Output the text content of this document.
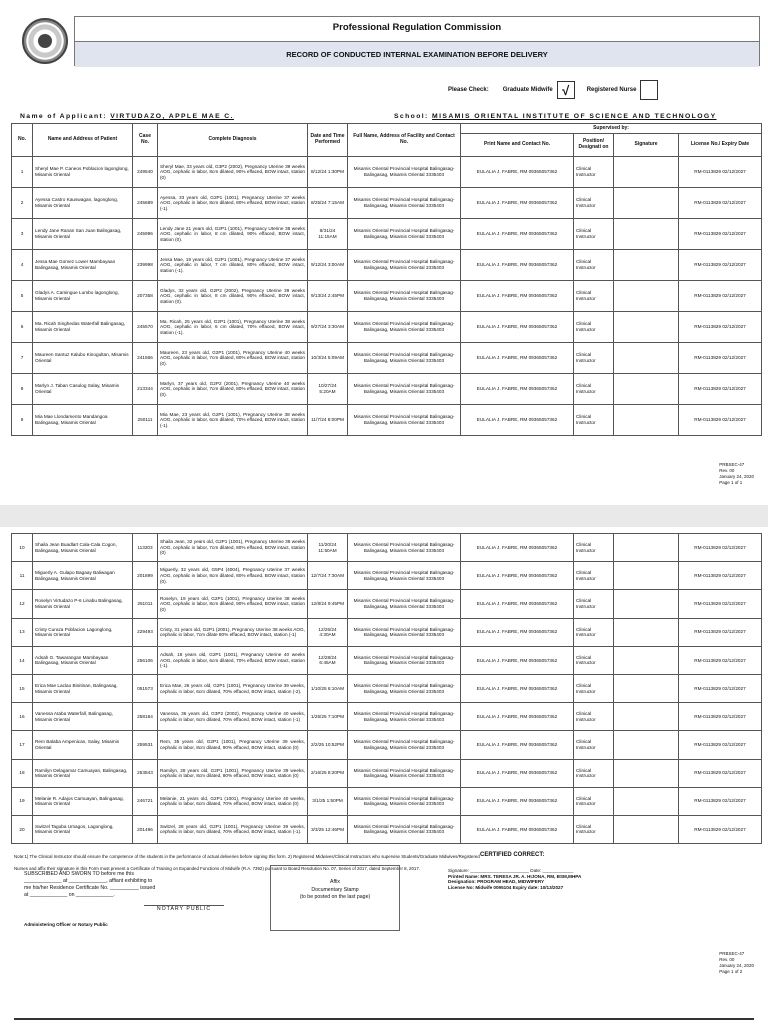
Professional Regulation Commission
RECORD OF CONDUCTED INTERNAL EXAMINATION BEFORE DELIVERY
Please Check: Graduate Midwife √	Registered Nurse
Name of Applicant: VIRTUDAZO, APPLE MAE C.	School: MISAMIS ORIENTAL INSTITUTE OF SCIENCE AND TECHNOLOGY
No.	Name and Address of Patient	Case No.	Complete Diagnosis	Date and Time Performed	Full Name, Address of Facility and Contact No.	Supervised by:			
						Print Name and Contact No.	Position/ Designati on	Signature	License No./ Expiry Date
1	Sheryl Mae P. Caneos Poblacion lagonglong, Misamis Oriental	249540	Sheryl Mae, 33 years old, G3P2 (2002), Pregnancy Uterine 39 weeks AOG, cephalic in labor, 8cm dilated, 90% effaced, BOW intact, station (0)	8/12/24 1:30PM	Misamis Oriental Provincial Hospital Balingasag- Balingasag, Misamis Oriental 3335403	EULALIA J. FABRE, RM 09365057362	Clinical Instructor		RM-0113829 02/12/2027
2	Ayessa Castro Kauswagan, lagonglong, Misamis Oriental	245689	Ayessa, 33 years old, G2P1 (1001), Pregnancy Uterine 37 weeks AOG, cephalic in labor, 8cm dilated, 80% effaced, BOW intact, station (-1).	8/25/24 7:15AM	Misamis Oriental Provincial Hospital Balingasag- Balingasag, Misamis Oriental 3335403	EULALIA J. FABRE, RM 09365057362	Clinical Instructor		RM-0113829 02/12/2027
3	Lendy Jane Ranan San Juan Balingasag, Misamis Oriental	245996	Lendy Jane 21 years old, G2P1 (1001), Pregnancy Uterine 38 weeks AOG, cephalic in labor, 8 cm dilated, 90% effaced, BOW intact, station (0).	8/31/24 11:15AM	Misamis Oriental Provincial Hospital Balingasag- Balingasag, Misamis Oriental 3335403	EULALIA J. FABRE, RM 09365057362	Clinical Instructor		RM-0113829 02/12/2027
4	Jessa Mae Gomez Lower Mambayaan Balingasag, Misamis Oriental	239998	Jessa Mae, 19 years old, G2P1 (1001), Pregnancy Uterine 37 weeks AOG, cephalic in labor, 7 cm dilated, 80% effaced, BOW intact, station (-1).	9/12/24 3:00AM	Misamis Oriental Provincial Hospital Balingasag- Balingasag, Misamis Oriental 3335403	EULALIA J. FABRE, RM 09365057362	Clinical Instructor		RM-0113829 02/12/2027
5	Gladys A. Camingue Lumbo lagonglong, Misamis Oriental	207358	Gladys, 32 years old, G2P2 (2002), Pregnancy Uterine 39 weeks AOG, cephalic in labor, 8 cm dilated, 90% effaced, BOW intact, station (0).	9/13/24 2:45PM	Misamis Oriental Provincial Hospital Balingasag- Balingasag, Misamis Oriental 3335403	EULALIA J. FABRE, RM 09365057362	Clinical Instructor		RM-0113829 02/12/2027
6	Ma. Ricah Singhedas Waterfall Balingasag, Misamis Oriental	245570	Ma. Ricah, 25 years old, G2P1 (1001), Pregnancy Uterine 38 weeks AOG, cephalic in labor, 6 cm dilated, 70% effaced, BOW intact, station (-1).	9/27/24 3:30AM	Misamis Oriental Provincial Hospital Balingasag- Balingasag, Misamis Oriental 3335403	EULALIA J. FABRE, RM 09365057362	Clinical Instructor		RM-0113829 02/12/2027
7	Maureen Santuz Kalubo Kinogultan, Misamis Oriental	241566	Maureen, 23 years old, G2P1 (1001), Pregnancy Uterine 40 weeks AOG, cephalic in labor, 7cm dilated, 80% effaced, BOW intact, station (0).	10/3/24 5:09AM	Misamis Oriental Provincial Hospital Balingasag- Balingasag, Misamis Oriental 3335403	EULALIA J. FABRE, RM 09365057362	Clinical Instructor		RM-0113829 02/12/2027
8	Marlyn J. Taban Casulog Salay, Misamis Oriental	213344	Marlyn, 37 years old, G2P2 (2001), Pregnancy Uterine 40 weeks AOG, cephalic in labor, 7cm dilated, 80% effaced, BOW intact, station (0).	10/27/24 5:20AM	Misamis Oriental Provincial Hospital Balingasag- Balingasag, Misamis Oriental 3335403	EULALIA J. FABRE, RM 09365057362	Clinical Instructor		RM-0113829 02/12/2027
9	Mia Mae Llondamento Mandangoa Balingasag, Misamis Oriental	250111	Mia Mae, 23 years old, G2P1 (1001), Pregnancy Uterine 38 weeks AOG, cephalic in labor, 6cm dilated, 70% effaced, BOW intact, station (-1).	11/7/24 8:00PM	Misamis Oriental Provincial Hospital Balingasag- Balingasag, Misamis Oriental 3335403	EULALIA J. FABRE, RM 09365057362	Clinical Instructor		RM-0113829 02/12/2027
PRBSEC-47
Rev. 00
January 24, 2020
Page 1 of 1
10	Shaila Jean Buadlart Cala-Cala Cogon, Balingasag, Misamis Oriental	113203	Shaila Jean, 32 years old, G2P1 (1001), Pregnancy Uterine 38 weeks AOG, cephalic in labor, 7cm dilated, 80% effaced, BOW intact, station (0)	11/20/24 11:50AM	Misamis Oriental Provincial Hospital Balingasag- Balingasag, Misamis Oriental 3335403	EULALIA J. FABRE, RM 09365057362	Clinical Instructor		RM-0113829 02/12/2027
11	Miguerly A. Gulapo Bagaay Baliwagan Balingasag, Misamis Oriental	201899	Miguerly, 32 years old, G5P4 (4004), Pregnancy Uterine 37 weeks AOG, cephalic in labor, 8cm dilated, 80% effaced, BOW intact, station (0).	12/7/24 7:30AM	Misamis Oriental Provincial Hospital Balingasag- Balingasag, Misamis Oriental 3335403	EULALIA J. FABRE, RM 09365057362	Clinical Instructor		RM-0113829 02/12/2027
12	Roselyn Virtudazo P-6 Linabu Balingasag, Misamis Oriental	251011	Roselyn, 19 years old, G2P1 (1001), Pregnancy Uterine 38 weeks AOG, cephalic in labor, 8cm dilated, 90% effaced, BOW intact, station (0)	12/8/24 9:45PM	Misamis Oriental Provincial Hospital Balingasag- Balingasag, Misamis Oriental 3335403	EULALIA J. FABRE, RM 09365057362	Clinical Instructor		RM-0113829 02/12/2027
13	Cristy Curaza Poblacion Lagonglong, Misamis Oriental	229493	Cristy, 31 years old, G2P1 (2001), Pregnancy Uterine 38 weeks AOG, cephalic in labor, 7cm dilate 80% effaced, BOW intact, station (-1)	12/26/24 4:30AM	Misamis Oriental Provincial Hospital Balingasag- Balingasag, Misamis Oriental 3335403	EULALIA J. FABRE, RM 09365057362	Clinical Instructor		RM-0113829 02/12/2027
14	Adsah G. Tawarangan Mambayaan Balingasag, Misamis Oriental	256106	Adsah, 18 years old, G2P1 (1001), Pregnancy Uterine 40 weeks AOG, cephalic in labor, 6cm dilated, 70% effaced, BOW intact, station (-1).	12/28/24 6:45AM	Misamis Oriental Provincial Hospital Balingasag- Balingasag, Misamis Oriental 3335403	EULALIA J. FABRE, RM 09365057362	Clinical Instructor		RM-0113829 02/12/2027
15	Erica Mae Laclao Binitinan, Balingasag, Misamis Oriental	051573	Erica Mae, 26 years old, G2P1 (1001), Pregnancy Uterine 39 weeks, cephalic in labor, 6cm dilated, 70% effaced, BOW intact, station (-2).	1/10/25 6:10AM	Misamis Oriental Provincial Hospital Balingasag- Balingasag, Misamis Oriental 3335403	EULALIA J. FABRE, RM 09365057362	Clinical Instructor		RM-0113829 02/12/2027
16	Vanessa Ataba Waterfall, Balingasag, Misamis Oriental	258184	Vanessa, 36 years old, G3P2 (2002), Pregnancy Uterine 40 weeks, cephalic in labor, 6cm dilated, 70% effaced, BOW intact, station (-1)	1/25/25 7:10PM	Misamis Oriental Provincial Hospital Balingasag- Balingasag, Misamis Oriental 3335403	EULALIA J. FABRE, RM 09365057362	Clinical Instructor		RM-0113829 02/12/2027
17	Rem Balaba Ampenican, Salay, Misamis Oriental	259531	Rem, 35 years old, G2P1 (1001), Pregnancy Uterine 39 weeks, cephalic in labor, 8cm dilated, 90% effaced, BOW intact, station (0)	2/2/25 10:52PM	Misamis Oriental Provincial Hospital Balingasag- Balingasag, Misamis Oriental 3335403	EULALIA J. FABRE, RM 09365057362	Clinical Instructor		RM-0113829 02/12/2027
18	Ramilyn Delagamar Camuayan, Balingasag, Misamis Oriental	253843	Ramilyn, 28 years old, G2P1 (1001), Pregnancy Uterine 39 weeks, cephalic in labor, 8cm dilated, 80% effaced, BOW intact, station (0)	2/16/25 8:20PM	Misamis Oriental Provincial Hospital Balingasag- Balingasag, Misamis Oriental 3335403	EULALIA J. FABRE, RM 09365057362	Clinical Instructor		RM-0113829 02/12/2027
19	Melanie R. Adajos Camuayan, Balingasag, Misamis Oriental	246721	Melanie, 21 years old, G2P1 (1001), Pregnancy Uterine 40 weeks, cephalic in labor, 6cm dilated, 70% effaced, BOW intact, station (0)	3/1/25 1:50PM	Misamis Oriental Provincial Hospital Balingasag- Balingasag, Misamis Oriental 3335403	EULALIA J. FABRE, RM 09365057362	Clinical Instructor		RM-0113829 02/12/2027
20	Switzel Taguba Umagos, Lagonglong, Misamis Oriental	201496	Switzel, 28 years old, G2P1 (1001), Pregnancy Uterine 39 weeks, cephalic in labor, 6cm dilated, 70% effaced, BOW intact, station (-1).	3/3/25 12:46PM	Misamis Oriental Provincial Hospital Balingasag- Balingasag, Misamis Oriental 3335403	EULALIA J. FABRE, RM 09365057362	Clinical Instructor		RM-0113829 02/12/2027
Note:1) The Clinical Instructor should ensure the competence of the students in the performance of actual deliveries before signing this form. 2) Registered Midwives/Clinical Instructors who supervise Students/Graduate Midwives/Registered
Nurses and affix their signature in this Form must present a Certificate of Training on Expanded Functions of Midwife (R.A. 7392) pursuant to Board Resolution No. 07, Series of 2017, dated September 8, 2017.
SUBSCRIBED AND SWORN TO before me this
_____________ at _____________, affiant exhibiting to
me his/her Residence Certificate No. __________ issued
at _____________ on _____________.
NOTARY PUBLIC
Administering Officer or Notary Public
Affix
Documentary Stamp
(to be posted on the last page)
CERTIFIED CORRECT:
Signature: _______________________ Date: ____________
Printed Name: MRS. TERESA JR. A. HIJONA, RM, BSM,MHPA
Designation: PROGRAM HEAD, MIDWIFERY
License No: Midwife 0095104 Expiry date: 10/13/2027
PRBSEC-47
Rev. 00
January 24, 2020
Page 1 of 2
